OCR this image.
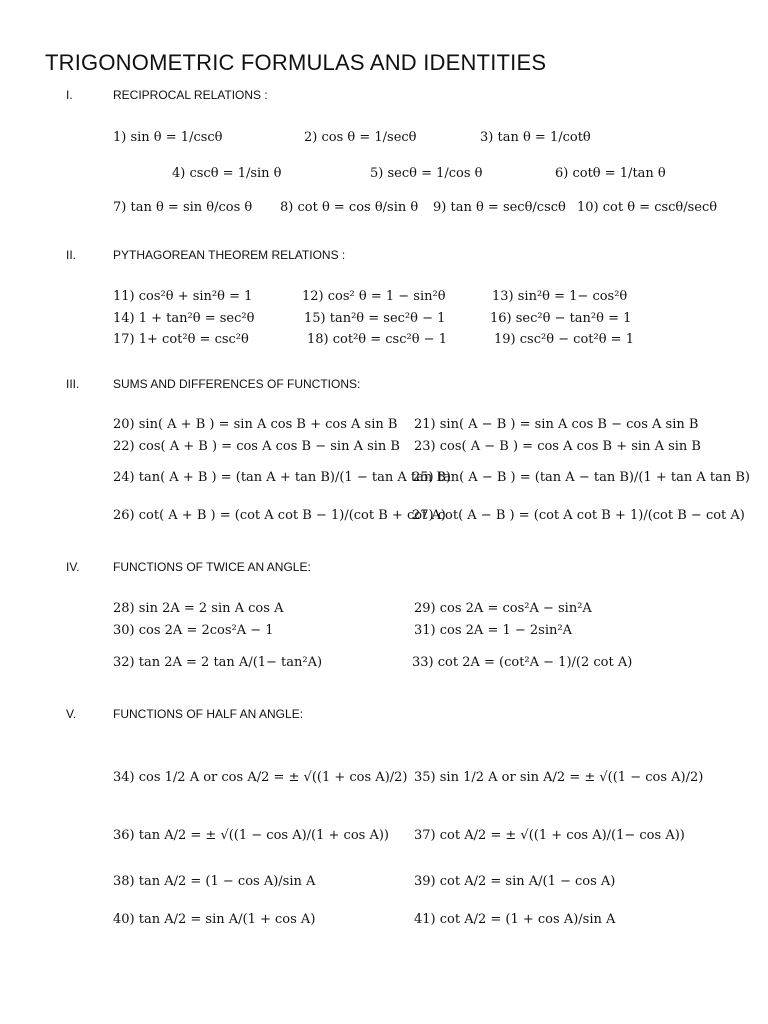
TRIGONOMETRIC FORMULAS AND IDENTITIES
I.	RECIPROCAL RELATIONS :
II.	PYTHAGOREAN THEOREM RELATIONS :
III.	SUMS AND DIFFERENCES OF FUNCTIONS:
IV.	FUNCTIONS OF TWICE AN ANGLE:
V.	FUNCTIONS OF HALF AN ANGLE:
1) sin θ = 1/cscθ	2) cos θ = 1/secθ	3) tan θ = 1/cotθ
4) cscθ = 1/sin θ	5) secθ = 1/cos θ	6) cotθ = 1/tan θ
7) tan θ = sin θ/cos θ 8) cot θ = cos θ/sin θ 9) tan θ = secθ/cscθ 10) cot θ = cscθ/secθ
11) cos²θ + sin²θ = 1	12) cos² θ = 1 − sin²θ	13) sin²θ = 1− cos²θ
14) 1 + tan²θ = sec²θ	15) tan²θ = sec²θ − 1	16) sec²θ − tan²θ = 1
17) 1+ cot²θ = csc²θ	18) cot²θ = csc²θ − 1	19) csc²θ − cot²θ = 1
20) sin( A + B ) = sin A cos B + cos A sin B 21) sin( A − B ) = sin A cos B − cos A sin B
22) cos( A + B ) = cos A cos B − sin A sin B 23) cos( A − B ) = cos A cos B + sin A sin B
24) tan( A + B ) = (tan A + tan B)/(1 − tan A tan B)
25) tan( A − B ) = (tan A − tan B)/(1 + tan A tan B)
26) cot( A + B ) = (cot A cot B − 1)/(cot B + cot A)
27) cot( A − B ) = (cot A cot B + 1)/(cot B − cot A)
28) sin 2A = 2 sin A cos A	29) cos 2A = cos²A − sin²A
30) cos 2A = 2cos²A − 1	31) cos 2A = 1 − 2sin²A
32) tan 2A = 2 tan A/(1− tan²A)	33) cot 2A = (cot²A − 1)/(2 cot A)
34) cos 1/2 A or cos A/2 = ± √((1 + cos A)/2) 35) sin 1/2 A or sin A/2 = ± √((1 − cos A)/2)
36) tan A/2 = ± √((1 − cos A)/(1 + cos A)) 37) cot A/2 = ± √((1 + cos A)/(1− cos A))
38) tan A/2 = (1 − cos A)/sin A	39) cot A/2 = sin A/(1 − cos A)
40) tan A/2 = sin A/(1 + cos A)	41) cot A/2 = (1 + cos A)/sin A
